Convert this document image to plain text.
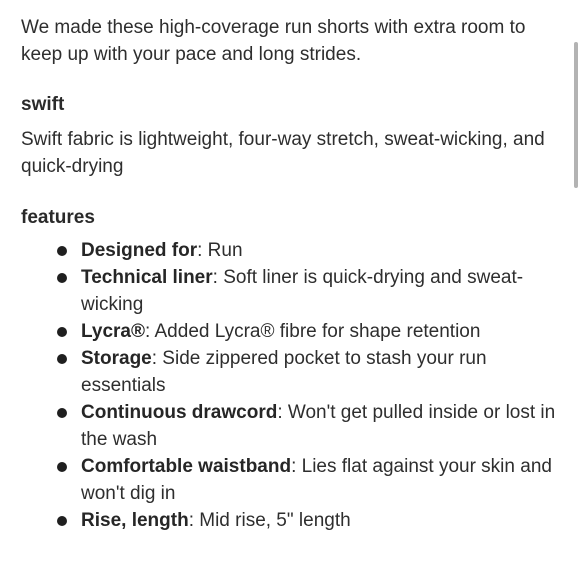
We made these high-coverage run shorts with extra room to keep up with your pace and long strides.

swift

Swift fabric is lightweight, four-way stretch, sweat-wicking, and quick-drying

features
Designed for: Run
Technical liner: Soft liner is quick-drying and sweat-wicking
Lycra®: Added Lycra® fibre for shape retention
Storage: Side zippered pocket to stash your run essentials
Continuous drawcord: Won't get pulled inside or lost in the wash
Comfortable waistband: Lies flat against your skin and won't dig in
Rise, length: Mid rise, 5" length
